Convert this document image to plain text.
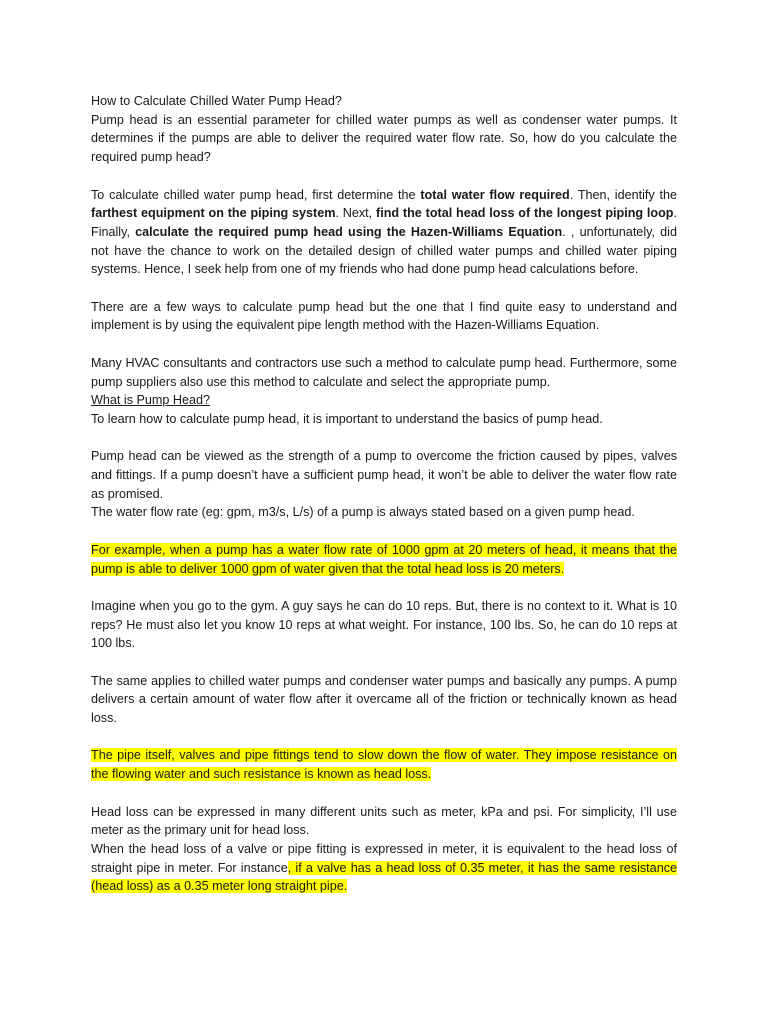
How to Calculate Chilled Water Pump Head?

Pump head is an essential parameter for chilled water pumps as well as condenser water pumps. It determines if the pumps are able to deliver the required water flow rate. So, how do you calculate the required pump head?

To calculate chilled water pump head, first determine the total water flow required. Then, identify the farthest equipment on the piping system. Next, find the total head loss of the longest piping loop. Finally, calculate the required pump head using the Hazen-Williams Equation. , unfortunately, did not have the chance to work on the detailed design of chilled water pumps and chilled water piping systems. Hence, I seek help from one of my friends who had done pump head calculations before.

There are a few ways to calculate pump head but the one that I find quite easy to understand and implement is by using the equivalent pipe length method with the Hazen-Williams Equation.

Many HVAC consultants and contractors use such a method to calculate pump head. Furthermore, some pump suppliers also use this method to calculate and select the appropriate pump.

What is Pump Head?

To learn how to calculate pump head, it is important to understand the basics of pump head.

Pump head can be viewed as the strength of a pump to overcome the friction caused by pipes, valves and fittings. If a pump doesn’t have a sufficient pump head, it won’t be able to deliver the water flow rate as promised.

The water flow rate (eg: gpm, m3/s, L/s) of a pump is always stated based on a given pump head.

For example, when a pump has a water flow rate of 1000 gpm at 20 meters of head, it means that the pump is able to deliver 1000 gpm of water given that the total head loss is 20 meters.

Imagine when you go to the gym. A guy says he can do 10 reps. But, there is no context to it. What is 10 reps? He must also let you know 10 reps at what weight. For instance, 100 lbs. So, he can do 10 reps at 100 lbs.

The same applies to chilled water pumps and condenser water pumps and basically any pumps. A pump delivers a certain amount of water flow after it overcame all of the friction or technically known as head loss.

The pipe itself, valves and pipe fittings tend to slow down the flow of water. They impose resistance on the flowing water and such resistance is known as head loss.

Head loss can be expressed in many different units such as meter, kPa and psi. For simplicity, I’ll use meter as the primary unit for head loss.

When the head loss of a valve or pipe fitting is expressed in meter, it is equivalent to the head loss of straight pipe in meter. For instance, if a valve has a head loss of 0.35 meter, it has the same resistance (head loss) as a 0.35 meter long straight pipe.
